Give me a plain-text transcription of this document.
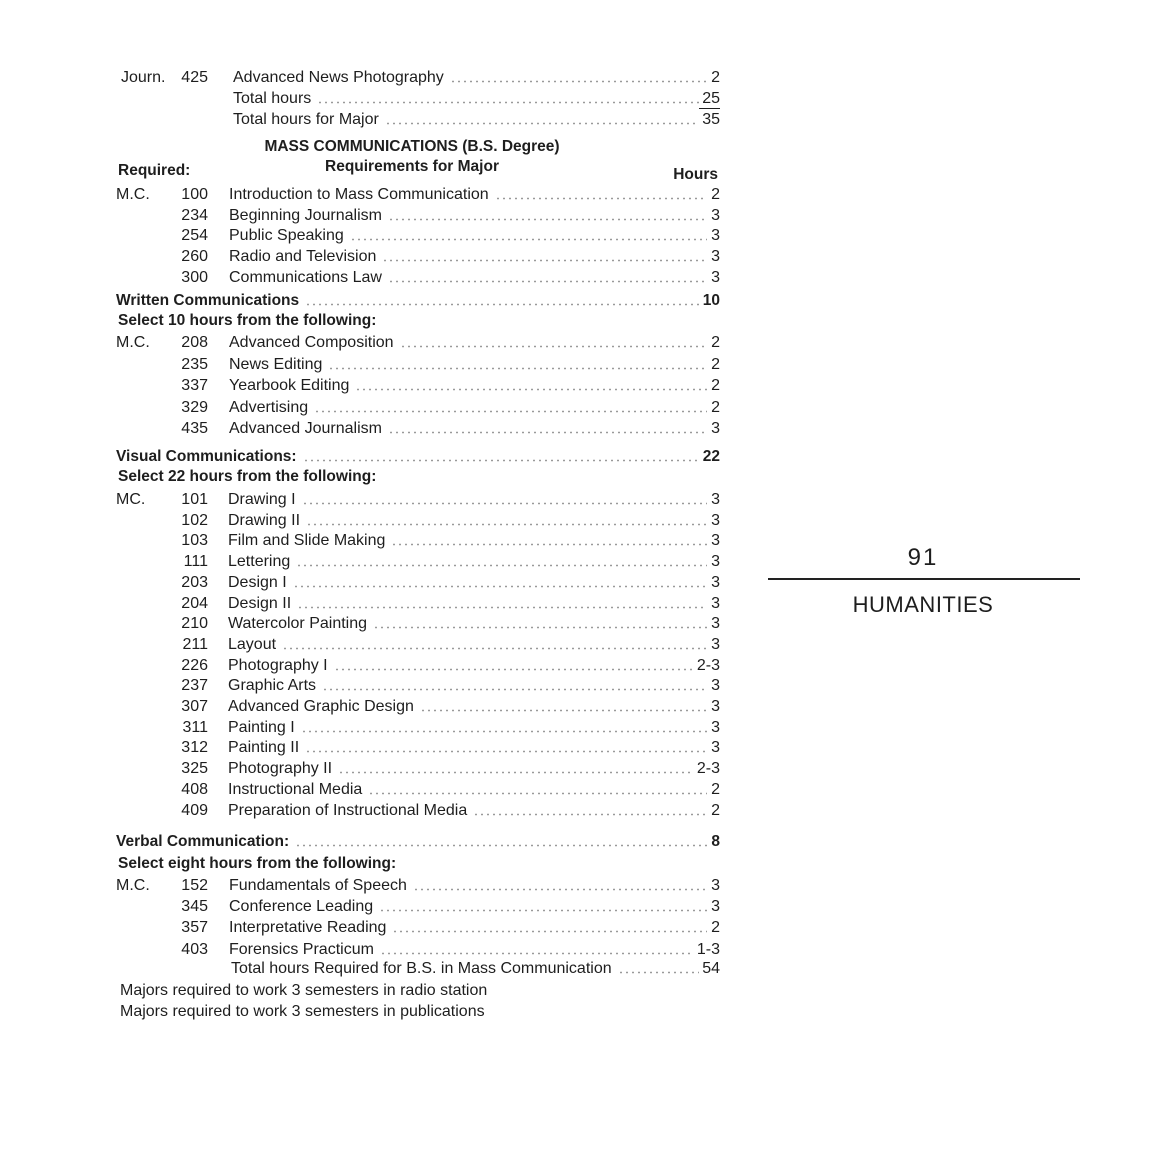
Journ. 425 Advanced News Photography	2
Total hours	25
Total hours for Major	35
MASS COMMUNICATIONS (B.S. Degree)
Requirements for Major
Required:	Hours
M.C.	100 Introduction to Mass Communication	2
234 Beginning Journalism	3
254 Public Speaking	3
260 Radio and Television	3
300 Communications Law	3
Written Communications	10
Select 10 hours from the following:
M.C.	208 Advanced Composition	2
235 News Editing	2
337 Yearbook Editing	2
329 Advertising	2
435 Advanced Journalism	3
Visual Communications:	22
Select 22 hours from the following:
MC.	101 Drawing I	3
102 Drawing II	3
103 Film and Slide Making	3
111 Lettering	3
203 Design I	3
204 Design II	3
210 Watercolor Painting	3
211 Layout	3
226 Photography I	2-3
237 Graphic Arts	3
307 Advanced Graphic Design	3
311 Painting I	3
312 Painting II	3
325 Photography II	2-3
408 Instructional Media	2
409 Preparation of Instructional Media	2
Verbal Communication:	8
Select eight hours from the following:
M.C.	152 Fundamentals of Speech	3
345 Conference Leading	3
357 Interpretative Reading	2
403 Forensics Practicum	1-3
Total hours Required for B.S. in Mass Communication	54
Majors required to work 3 semesters in radio station
Majors required to work 3 semesters in publications
91
HUMANITIES
